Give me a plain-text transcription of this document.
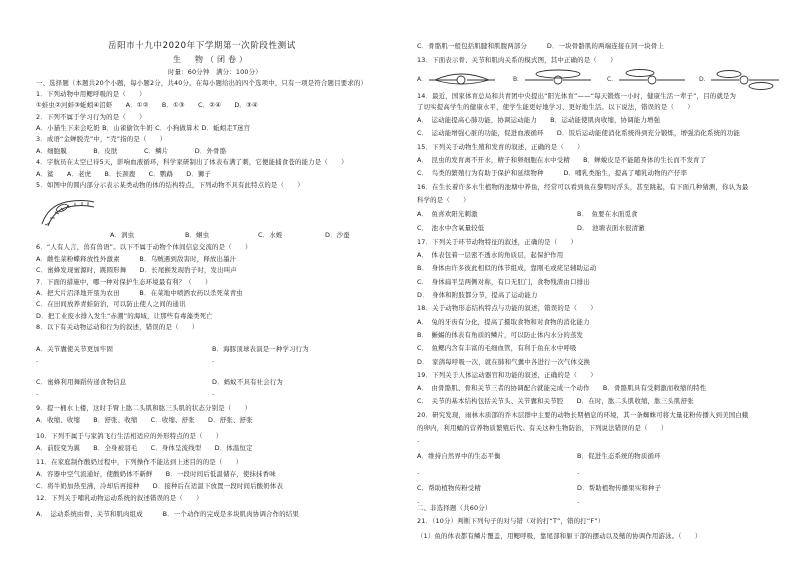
岳阳市十九中2020年下学期第一次阶段性测试
生　物（闭卷）
时量：60分钟　满分：100分）
一、选择题（本题共20个小题，每小题2分，共40分。在每小题给出的四个选项中，只有一项是符合题目要求的）
1．下列动物中用鳃呼吸的是（　　）
①蛙虫②河蚌③蚯蚓④沼虾　　A．①②　　B．①③　　C．②④　　D．③④
2．下列不属于学习行为的是（　　）
A．小猫生下来会吃奶 B．山雀偷饮牛奶 C．小狗做算术 D．蚯蚓走T迷宫
3．成语“金蝉脱壳”中，“壳”指的是（　　）
A．细胞膜　　　　B．皮肤　　　　C．鳞片　　　　D．外骨骼
4．宇航员在太空已待5天，影响血液循环，科学家研制出了体表布满了刺，它便能捕食苍的能力是（　　）
A．鲨　　A．老虎　　B．长颈鹿　　C．鹦鹉　　D．狮子
5．如图中的圆内部分示表示某类动物的体的结构特点，下列动物不具有此特点的是（　　）
A．涡虫	B．蛔虫	C．水蛭	D．沙蚕
6．“人有人言，兽有兽语”。以下不属于动物个体间信息交流的是（　　）
A．雌性菜粉蝶释放性外激素　　　B．乌贼遇到敌害时，释放出墨汁
C．蜜蜂发现蜜源时，跳圆形舞　　D．长尾猴发现豹子时，发出叫声
7．下面的措施中，哪一种对保护生态环境最有利？（　　）
A．把大片沼泽地开垦为农田　　　B．在菜地中喷洒农药以杀死菜青虫
C．在田间放养青蛙防治，可以防止使人之间的通讯
D．把工业废水排入发生“赤潮”的海域，让那些有毒藻类死亡
8．以下有关动物运动和行为的叙述，错误的是（　　）
A．关节囊使关节更加牢固	B．海豚顶球表演是一种学习行为
.	.
C．蜜蜂利用舞蹈传递食物信息	D．蚂蚁不具有社会行为
.	.
9．提一桶水上楼，这时手臂上肱二头肌和肱三头肌的状态分别是（　　）
A．收缩、收缩　　B．舒张、收缩　　C．收缩、舒张　　D．舒张、舒张
10．下列不属于与家鸽飞行生活相适应的外形特点的是（　　）
A．前肢变为翼　　B．全身被羽毛　　C．身体呈流线型　　D．体温恒定
11．在家庭制作酸奶过程中，下列操作不能达到上述目的的是（　　）
A．容器中空气流通好，使酸奶体不新鲜　　B．一段时间后低温储存，使抹抹香味
C．将牛奶加热至沸，冷却后再接种　　D．接种后在适温下放置一段时间后酸奶体表
12．下列关于哺乳动物运动系统的叙述错误的是（　　）
A．　运动系统由骨、关节和肌肉组成　　　B．一个动作的完成是多块肌肉协调合作的结果
C．骨骼肌一般包括肌腱和肌腹两部分　　　D．一块骨骼肌的两端连接在同一块骨上
13．下面表示骨、关节和肌肉关系的模式图，其中正确的是（　　）
A．	B．	C．	D．
14．最近，国家体育总局和共青团中央提出“阳光体育”——“每天锻炼一小时，健康生活一辈子”，目的就是为
了切实提高学生的健康水平，使学生能更好地学习、更好地生活。以下说法，错误的是（　　）
A．　运动能提高心肺功能，协调运动能力　　B．运动能使肌肉收缩，协调能力增强
C．　运动能增强心脏的功能，促进血液循环　　D．饭后运动能使消化系统得到充分锻炼，增强消化系统的功能
15．下列关于动物生殖和发育的叙述，正确的是（　　）
A．　昆虫的发育离不开水，精子和卵细胞在水中受精　　B．蝉蜕皮是不能随身体的生长而不发育了
C．　鸟类的繁殖行为有助于保护和延续物种　　　D．哺乳类胎生，提高了哺乳动物的产仔率
16．在生长着许多水生植物的池塘中养鱼，经常可以看到鱼在黎明时浮头，甚至跳起，有下面几种猜测，你认为最
科学的是（　　）
A．　鱼喜欢阳光刺激	B．　鱼要在水面觅食
C．　池水中含氧量较低	D．　池塘表面水很清澈
17．下列关于环节动物特征的叙述，正确的是（　　）
A．　体表包着一层密不透水的角质层，起保护作用
B．　身体由许多彼此相似的体节组成，靠刚毛或疣足辅助运动
C．　身体扁平呈两侧对称，有口无肛门，食物残渣由口排出
D．　身体和附肢都分节，提高了运动能力
18．关于动物形态结构特点与功能的叙述，错误的是（　　）
A．　兔的牙齿有分化，提高了摄取食物和对食物的消化能力
B．　蜥蜴的体表有角质的鳞片，可以防止体内水分的蒸发
C．　鱼鳃内含有丰富的毛细血管，有利于鱼在水中呼吸
D．　家鸽每呼吸一次，就在肺和气囊中各进行一次气体交换
19．下列关于人体运动器官和功能的叙述，正确的是（　　）
A．　由骨骼肌、骨和关节三者的协调配合就能完成一个动作　　B．骨骼肌具有受刺激而收缩的特性
C．　关节的基本结构包括关节头、关节囊和关节腔　　D．在时，肱二头肌收缩，肱三头肌舒张
20．研究发现，雨林木质部的乔木层群中主要的动物长期栖息的环境，其一条蜘蛛可将大量花粉传播入到美国白蛾
的卵内，利用蛹的营养物质繁殖后代。有关这种生物防治，下列说法错误的是（　　）
.
A．维持自然界中的生态平衡	B．促进生态系统的物质循环
.	.
C．帮助植物传粉受精	D．帮助植物传播果实和种子
.	.
二、非选择题（共60分）
21．（10分）判断下列句子的对与错（对的打“T”，错的打“F”）
（1）鱼的体表都有鳞片覆盖，用鳃呼吸，靠尾部和躯干部的摆动以及鳍的协调作用游泳。（　　）
